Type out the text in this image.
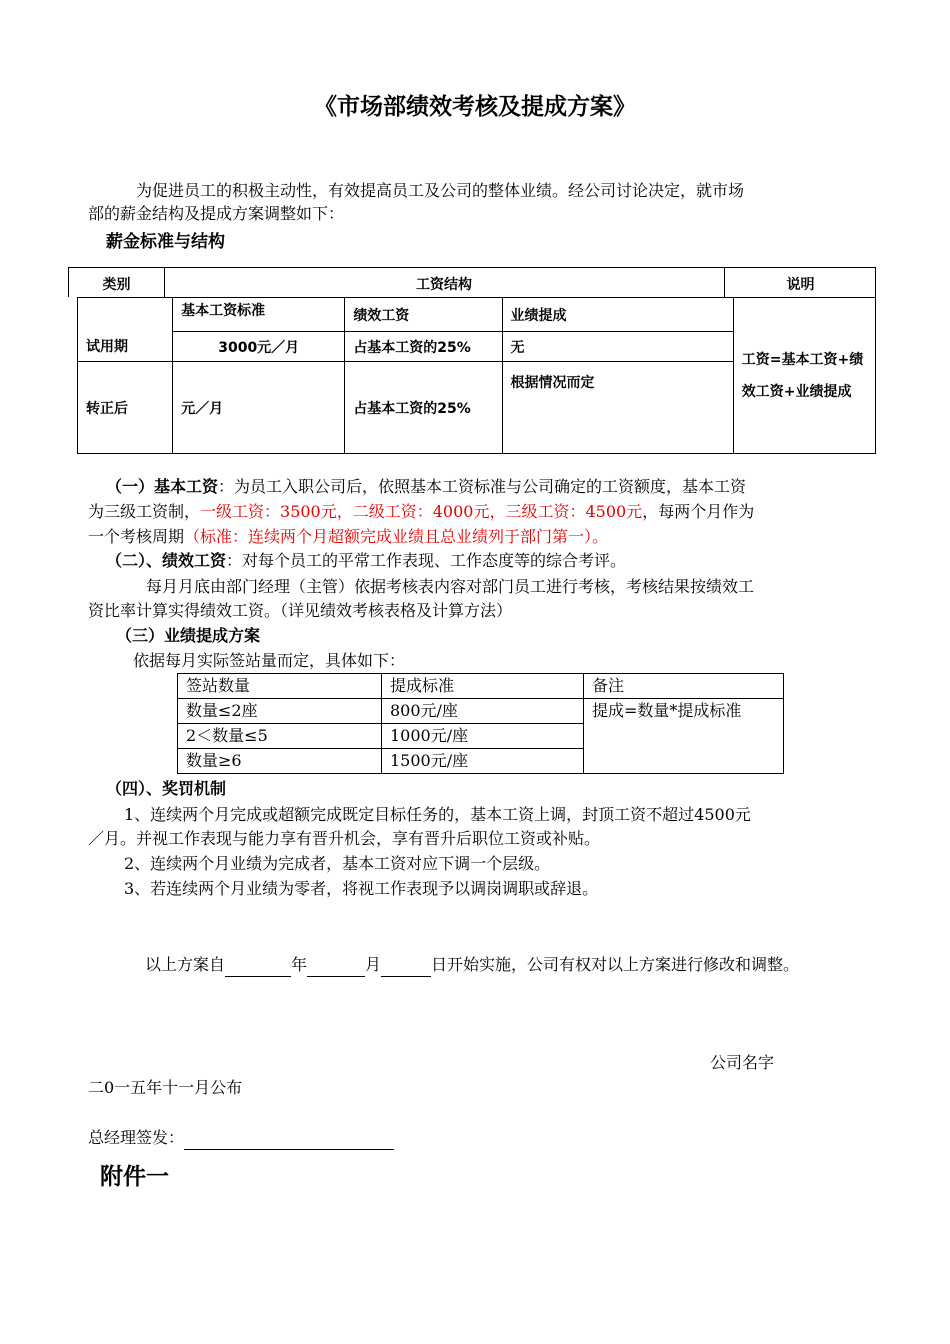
《市场部绩效考核及提成方案》
为促进员工的积极主动性，有效提高员工及公司的整体业绩。经公司讨论决定，就市场
部的薪金结构及提成方案调整如下：
薪金标准与结构
类别	工资结构	说明
	基本工资标准	绩效工资	业绩提成	工资=基本工资+绩效工资+业绩提成
试用期	3000元／月	占基本工资的25%	无	
转正后	元／月	占基本工资的25%	根据情况而定	
（一）基本工资：为员工入职公司后，依照基本工资标准与公司确定的工资额度，基本工资
为三级工资制，一级工资：3500元，二级工资：4000元，三级工资：4500元，每两个月作为
一个考核周期（标准：连续两个月超额完成业绩且总业绩列于部门第一）。
（二）、绩效工资：对每个员工的平常工作表现、工作态度等的综合考评。
每月月底由部门经理（主管）依据考核表内容对部门员工进行考核，考核结果按绩效工
资比率计算实得绩效工资。（详见绩效考核表格及计算方法）
（三）业绩提成方案
依据每月实际签站量而定，具体如下：
签站数量	提成标准	备注
数量≤2座	800元/座	提成=数量*提成标准
2＜数量≤5	1000元/座	
数量≥6	1500元/座	
（四）、奖罚机制
1、连续两个月完成或超额完成既定目标任务的，基本工资上调，封顶工资不超过4500元
／月。并视工作表现与能力享有晋升机会，享有晋升后职位工资或补贴。
2、连续两个月业绩为完成者，基本工资对应下调一个层级。
3、若连续两个月业绩为零者，将视工作表现予以调岗调职或辞退。
以上方案自	年	月	日开始实施，公司有权对以上方案进行修改和调整。
公司名字
二0一五年十一月公布
总经理签发：
附件一
